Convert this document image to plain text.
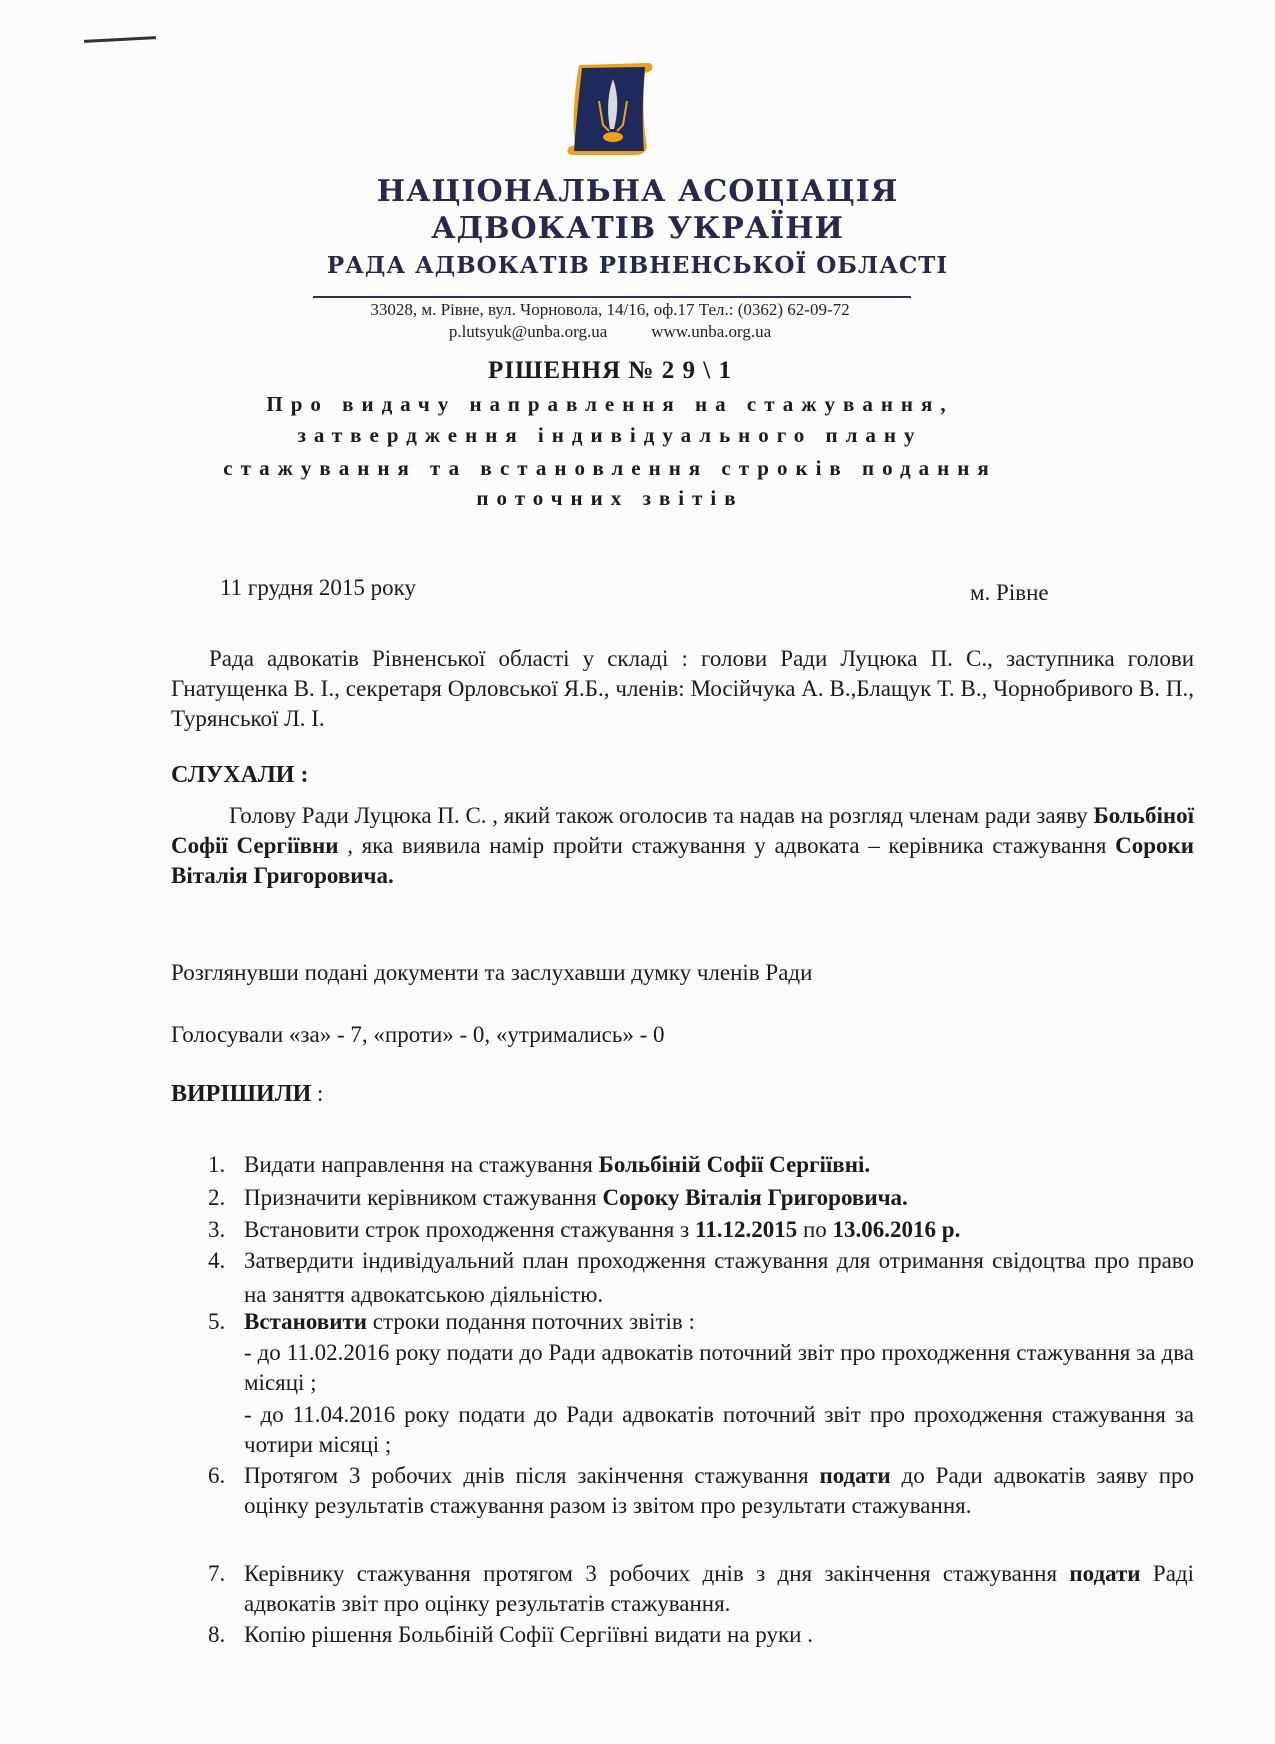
НАЦІОНАЛЬНА АСОЦІАЦІЯ
АДВОКАТІВ УКРАЇНИ
РАДА АДВОКАТІВ РІВНЕНСЬКОЇ ОБЛАСТІ
33028, м. Рівне, вул. Чорновола, 14/16, оф.17 Тел.: (0362) 62-09-72
p.lutsyuk@unba.org.ua	www.unba.org.ua
РІШЕННЯ № 2 9 \ 1
Про видачу направлення на стажування,
затвердження індивідуального плану
стажування та встановлення строків подання
поточних звітів
11 грудня 2015 року	м. Рівне
Рада адвокатів Рівненської області у складі : голови Ради Луцюка П. С., заступника голови Гнатущенка В. І., секретаря Орловської Я.Б., членів: Мосійчука А. В.,Блащук Т. В., Чорнобривого В. П., Турянської Л. І.
СЛУХАЛИ :
Голову Ради Луцюка П. С. , який також оголосив та надав на розгляд членам ради заяву Больбіної Софії Сергіївни , яка виявила намір пройти стажування у адвоката – керівника стажування Сороки Віталія Григоровича.
Розглянувши подані документи та заслухавши думку членів Ради
Голосували «за» - 7, «проти» - 0, «утримались» - 0
ВИРІШИЛИ :
1. Видати направлення на стажування Больбіній Софії Сергіївні.
2. Призначити керівником стажування Сороку Віталія Григоровича.
3. Встановити строк проходження стажування з 11.12.2015 по 13.06.2016 р.
4. Затвердити індивідуальний план проходження стажування для отримання свідоцтва про право на заняття адвокатською діяльністю.
5. Встановити строки подання поточних звітів :
- до 11.02.2016 року подати до Ради адвокатів поточний звіт про проходження стажування за два місяці ;
- до 11.04.2016 року подати до Ради адвокатів поточний звіт про проходження стажування за чотири місяці ;
6. Протягом 3 робочих днів після закінчення стажування подати до Ради адвокатів заяву про оцінку результатів стажування разом із звітом про результати стажування.
7. Керівнику стажування протягом 3 робочих днів з дня закінчення стажування подати Раді адвокатів звіт про оцінку результатів стажування.
8. Копію рішення Больбіній Софії Сергіївні видати на руки .
